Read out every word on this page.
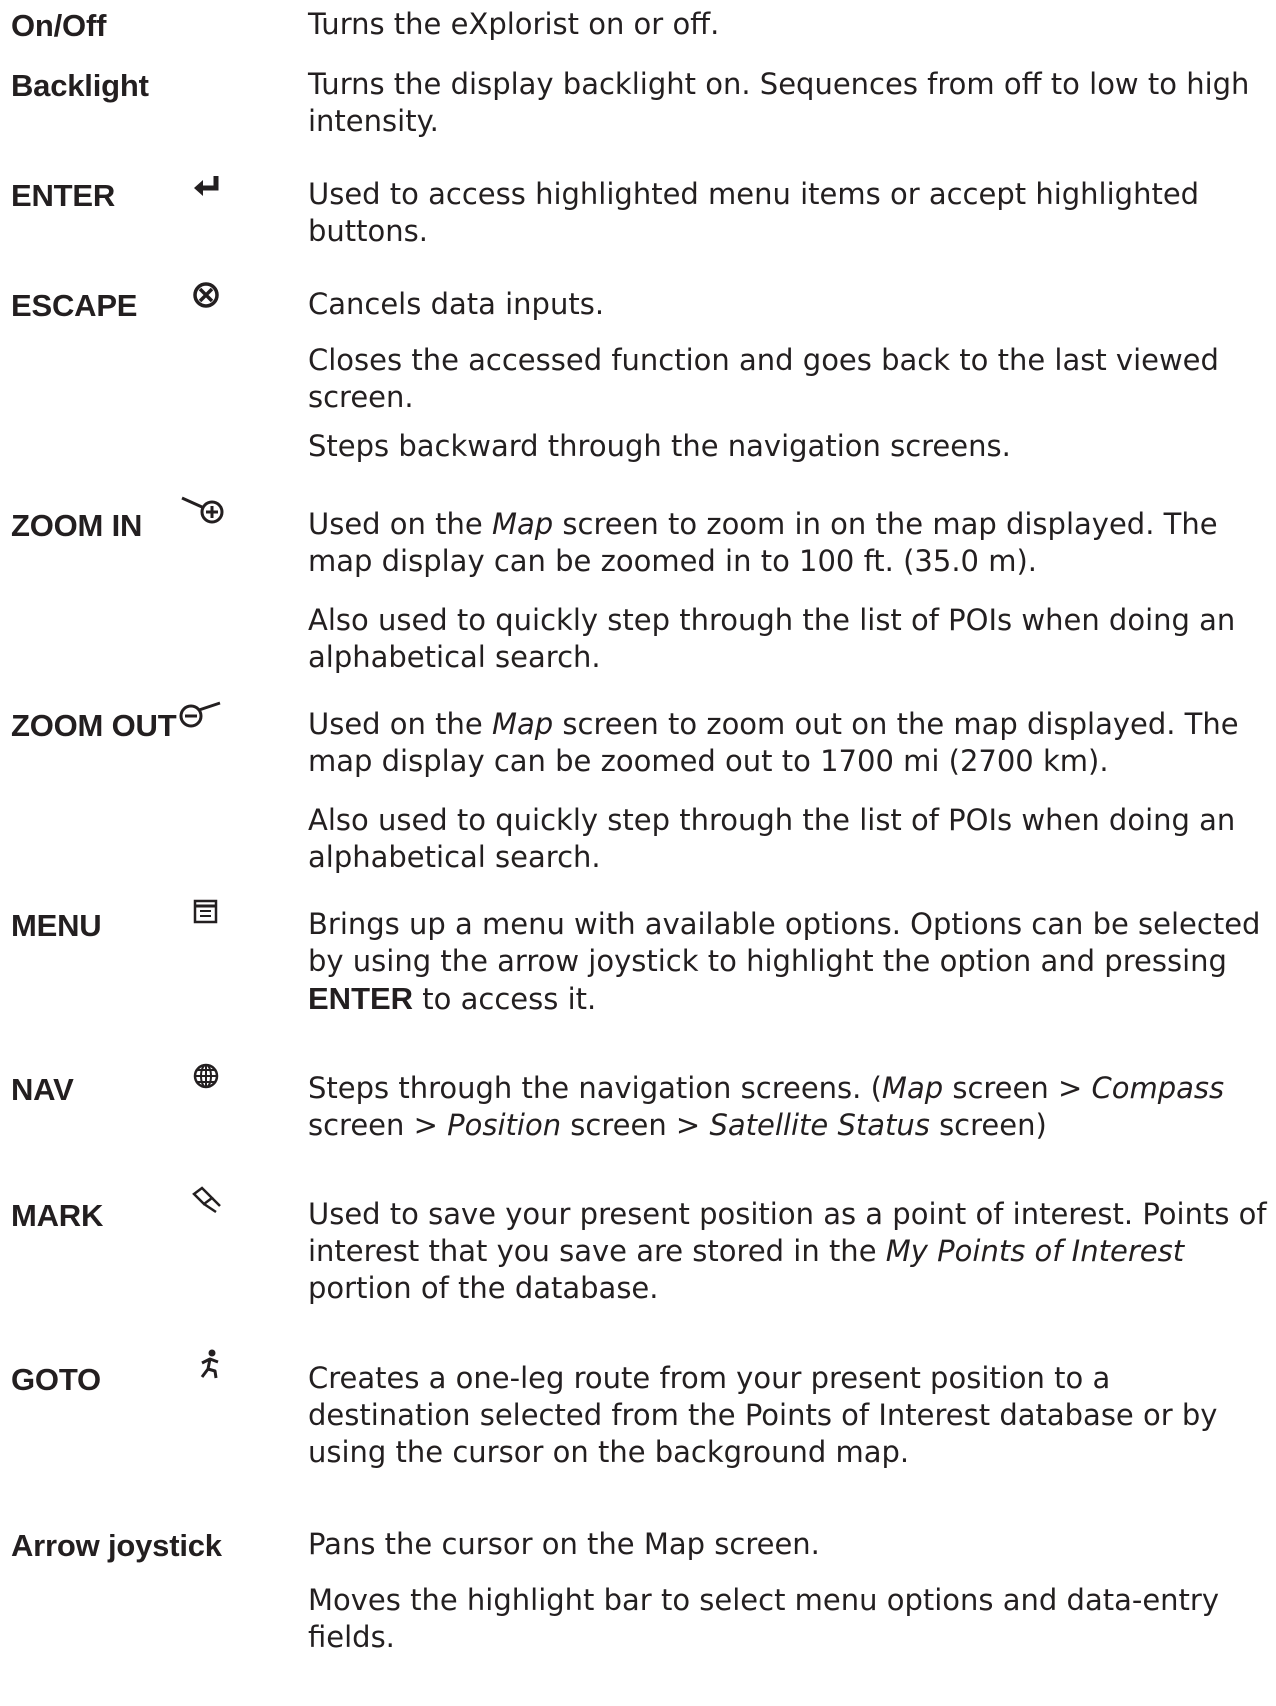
On/Off	Turns the eXplorist on or off.

Backlight	Turns the display backlight on. Sequences from off to low to high intensity.

ENTER	Used to access highlighted menu items or accept highlighted buttons.

ESCAPE	Cancels data inputs.

Closes the accessed function and goes back to the last viewed screen.

Steps backward through the navigation screens.

ZOOM IN	Used on the Map screen to zoom in on the map displayed. The map display can be zoomed in to 100 ft. (35.0 m).

Also used to quickly step through the list of POIs when doing an alphabetical search.

ZOOM OUT	Used on the Map screen to zoom out on the map displayed. The map display can be zoomed out to 1700 mi (2700 km).

Also used to quickly step through the list of POIs when doing an alphabetical search.

MENU	Brings up a menu with available options. Options can be selected by using the arrow joystick to highlight the option and pressing ENTER to access it.

NAV	Steps through the navigation screens. (Map screen > Compass screen > Position screen > Satellite Status screen)

MARK	Used to save your present position as a point of interest. Points of interest that you save are stored in the My Points of Interest portion of the database.

GOTO	Creates a one-leg route from your present position to a destination selected from the Points of Interest database or by using the cursor on the background map.

Arrow joystick	Pans the cursor on the Map screen.

Moves the highlight bar to select menu options and data-entry fields.
